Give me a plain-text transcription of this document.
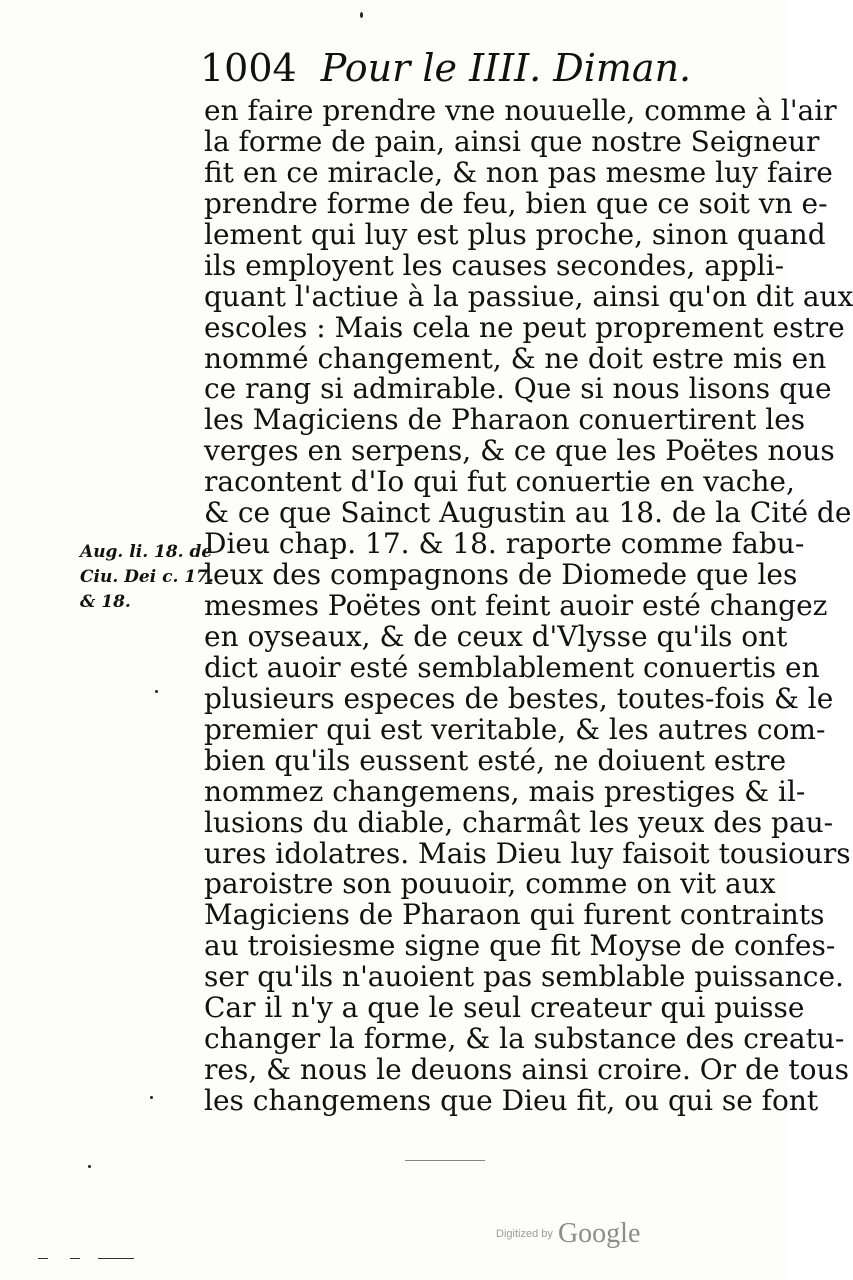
1004 Pour le IIII. Diman.
Aug. li. 18. de
Ciu. Dei c. 17.
& 18.
en faire prendre vne nouuelle, comme à l'air
la forme de pain, ainsi que nostre Seigneur
fit en ce miracle, & non pas mesme luy faire
prendre forme de feu, bien que ce soit vn e-
lement qui luy est plus proche, sinon quand
ils employent les causes secondes, appli-
quant l'actiue à la passiue, ainsi qu'on dit aux
escoles : Mais cela ne peut proprement estre
nommé changement, & ne doit estre mis en
ce rang si admirable. Que si nous lisons que
les Magiciens de Pharaon conuertirent les
verges en serpens, & ce que les Poëtes nous
racontent d'Io qui fut conuertie en vache,
& ce que Sainct Augustin au 18. de la Cité de
Dieu chap. 17. & 18. raporte comme fabu-
leux des compagnons de Diomede que les
mesmes Poëtes ont feint auoir esté changez
en oyseaux, & de ceux d'Vlysse qu'ils ont
dict auoir esté semblablement conuertis en
plusieurs especes de bestes, toutes-fois & le
premier qui est veritable, & les autres com-
bien qu'ils eussent esté, ne doiuent estre
nommez changemens, mais prestiges & il-
lusions du diable, charmât les yeux des pau-
ures idolatres. Mais Dieu luy faisoit tousiours
paroistre son pouuoir, comme on vit aux
Magiciens de Pharaon qui furent contraints
au troisiesme signe que fit Moyse de confes-
ser qu'ils n'auoient pas semblable puissance.
Car il n'y a que le seul createur qui puisse
changer la forme, & la substance des creatu-
res, & nous le deuons ainsi croire. Or de tous
les changemens que Dieu fit, ou qui se font
Digitized by Google
